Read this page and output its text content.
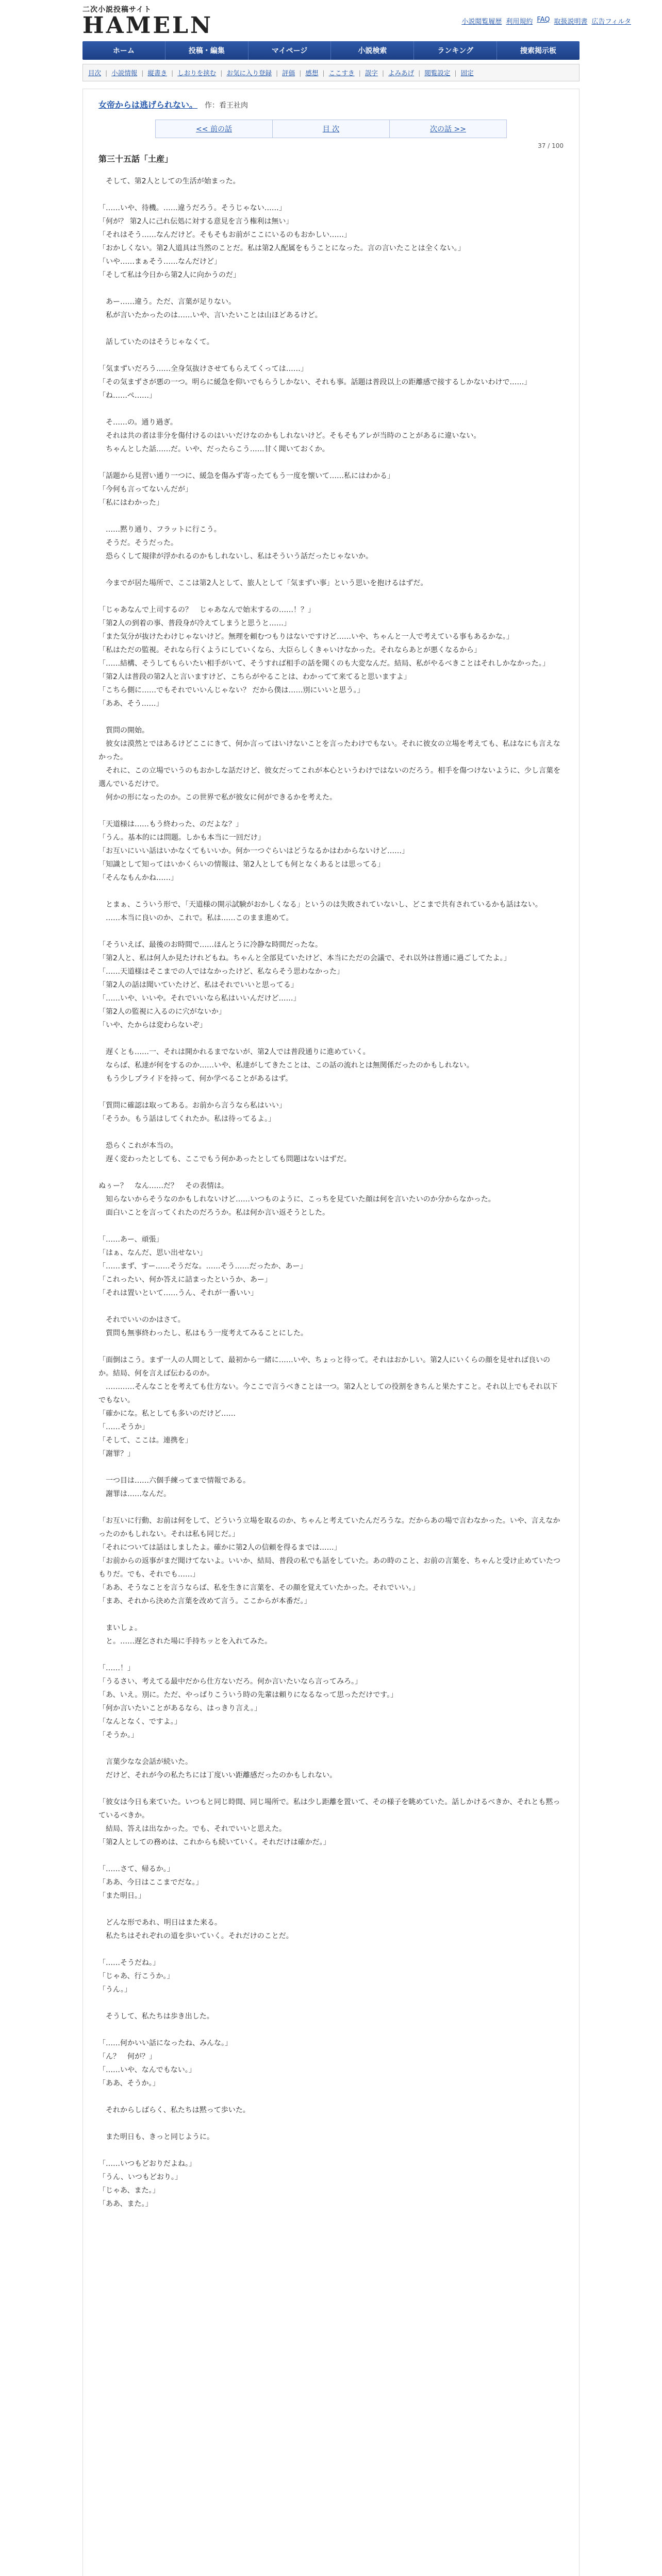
二次小説投稿サイト
HAMELN	小説閲覧履歴 利用規約 FAQ 取扱説明書 広告フィルタ
ホーム	投稿・編集	マイページ	小説検索	ランキング	捜索掲示板
目次 | 小説情報 | 縦書き | しおりを挟む | お気に入り登録 | 評価 | 感想 | ここすき | 誤字 | よみあげ | 閲覧設定 | 固定
女帝からは逃げられない。 作：看王社肉
<< 前の話	目 次	次の話 >>
37 / 100
第三十五話「土産」

　そして、第2人としての生活が始まった。

「……いや、待機。……違うだろう。そうじゃない……」

「何が？ 第2人に己れ伝処に対する意見を言う権利は無い」

「それはそう……なんだけど。そもそもお前がここにいるのもおかしい……」

「おかしくない。第2人道具は当然のことだ。私は第2人配属をもうことになった。言の言いたことは全くない。」

「いや……まぁそう……なんだけど」

「そして私は今日から第2人に向かうのだ」

　あー……違う。ただ、言葉が足りない。

　私が言いたかったのは……いや、言いたいことは山ほどあるけど。

　話していたのはそうじゃなくて。

「気まずいだろう……全身気抜けさせてもらえてくっては……」

「その気まずさが悪の一つ。明らに緩急を仰いでもらうしかない、それも事。話題は普段以上の距離感で接するしかないわけで……」

「ね……ぺ……」

　そ……の。通り過ぎ。

　それは共の者は非分を傷付けるのはいいだけなのかもしれないけど。そもそもアレが当時のことがあるに違いない。

　ちゃんとした話……だ。いや、だったらこう……甘く聞いておくか。

「話題から見習い通り一つに、緩急を傷みず寄ったてもう一度を懐いて……私にはわかる」

「今何も言ってないんだが」

「私にはわかった」

　……黙り通り、フラットに行こう。

　そうだ。そうだった。

　恐らくして規律が浮かれるのかもしれないし、私はそういう話だったじゃないか。

　今までが居た場所で、ここは第2人として、旅人として「気まずい事」という思いを抱けるはずだ。

「じゃあなんで上司するの？　じゃあなんで始末するの……！？」

「第2人の到着の事、普段身が冷えてしまうと思うと……」

「また気分が抜けたわけじゃないけど。無理を頼むつもりはないですけど……いや、ちゃんと一人で考えている事もあるかな。」

「私はただの監視。それなら行くようにしていくなら、大臣らしくきゃいけなかった。それならあとが悪くなるから」

「……結構、そうしてもらいたい相手がいて、そうすれば相手の話を聞くのも大変なんだ。結局、私がやるべきことはそれしかなかった。」

「第2人は普段の第2人と言いますけど、こちらがやることは、わかってて来てると思いますよ」

「こちら側に……でもそれでいいんじゃない？ だから僕は……別にいいと思う。」

「ああ、そう……」

　質問の開始。

　彼女は漠然とではあるけどここにきて、何か言ってはいけないことを言ったわけでもない。それに彼女の立場を考えても、私はなにも言えなかった。

　それに、この立場でいうのもおかしな話だけど、彼女だってこれが本心というわけではないのだろう。相手を傷つけないように、少し言葉を選んでいるだけで。

　何かの形になったのか。この世界で私が彼女に何ができるかを考えた。

「天道様は……もう終わった、のだよな？」

「うん。基本的には問題。しかも本当に一回だけ」

「お互いにいい話はいかなくてもいいか。何か一つぐらいはどうなるかはわからないけど……」

「知識として知ってはいかくらいの情報は、第2人としても何となくあるとは思ってる」

「そんなもんかね……」

　とまぁ、こういう形で、「天道様の開示試験がおかしくなる」というのは失敗されていないし、どこまで共有されているかも話はない。

　……本当に良いのか、これで。私は……このまま進めて。

「そういえば、最後のお時間で……ほんとうに冷静な時間だったな。

「第2人と、私は何人か見たけれどもね。ちゃんと全部見ていたけど、本当にただの会議で、それ以外は普通に過ごしてたよ。」

「……天道様はそこまでの人ではなかったけど、私ならそう思わなかった」

「第2人の話は聞いていたけど、私はそれでいいと思ってる」

「……いや、いいや。それでいいなら私はいいんだけど……」

「第2人の監視に入るのに穴がないか」

「いや、たからは変わらないぞ」

　遅くとも……一、それは開かれるまでないが、第2人では普段通りに進めていく。

　ならば、私達が何をするのか……いや、私達がしてきたことは、この話の流れとは無関係だったのかもしれない。

　もう少しプライドを持って、何か学べることがあるはず。

「質問に確認は取ってある。お前から言うなら私はいい」

「そうか。もう話はしてくれたか。私は待ってるよ。」

　恐らくこれが本当の。

　遅く変わったとしても、ここでもう何かあったとしても問題はないはずだ。

ぬぅー？　なん……だ？　その表情は。

　知らないからそうなのかもしれないけど……いつものように、こっちを見ていた顔は何を言いたいのか分からなかった。

　面白いことを言ってくれたのだろうか。私は何か言い返そうとした。

「……あー、頑張」

「はぁ、なんだ、思い出せない」

「……まず、すー……そうだな。……そう……だったか、あー」

「これったい、何か答えに詰まったというか、あー」

「それは置いといて……うん、それが一番いい」

　それでいいのかはさて。

　質問も無事終わったし、私はもう一度考えてみることにした。

「面倒はこう。まず一人の人間として、最初から一緒に……いや、ちょっと待って。それはおかしい。第2人にいくらの顔を見せれば良いのか。結局、何を言えば伝わるのか。

　…………そんなことを考えても仕方ない。今ここで言うべきことは一つ。第2人としての役割をきちんと果たすこと。それ以上でもそれ以下でもない。

「確かにな。私としても多いのだけど……

「……そうか」

「そして、ここは。連携を」

「謝罪？」

　一つ目は……六個手練ってまで情報である。

　謝罪は……なんだ。

「お互いに行動、お前は何をして、どういう立場を取るのか、ちゃんと考えていたんだろうな。だからあの場で言わなかった。いや、言えなかったのかもしれない。それは私も同じだ。」

「それについては話はしましたよ。確かに第2人の信頼を得るまでは……」

「お前からの返事がまだ聞けてないよ。いいか、結局、普段の私でも話をしていた。あの時のこと、お前の言葉を、ちゃんと受け止めていたつもりだ。でも、それでも……」

「ああ、そうなことを言うならば、私を生きに言葉を、その顔を覚えていたかった。それでいい。」

「まあ、それから決めた言葉を改めて言う。ここからが本番だ。」

　まいしょ。

　と。……遅乞された場に手持ちッとを入れてみた。

「……！」

「うるさい、考えてる最中だから仕方ないだろ。何か言いたいなら言ってみろ。」

「あ、いえ。別に。ただ、やっぱりこういう時の先輩は頼りになるなって思っただけです。」

「何か言いたいことがあるなら、はっきり言え。」

「なんとなく、ですよ。」

「そうか。」

　言葉少なな会話が続いた。

　だけど、それが今の私たちには丁度いい距離感だったのかもしれない。

「彼女は今日も来ていた。いつもと同じ時間、同じ場所で。私は少し距離を置いて、その様子を眺めていた。話しかけるべきか、それとも黙っているべきか。

　結局、答えは出なかった。でも、それでいいと思えた。

「第2人としての務めは、これからも続いていく。それだけは確かだ。」

「……さて、帰るか。」

「ああ、今日はここまでだな。」

「また明日。」

　どんな形であれ、明日はまた来る。

　私たちはそれぞれの道を歩いていく。それだけのことだ。

「……そうだね。」

「じゃあ、行こうか。」

「うん。」

　そうして、私たちは歩き出した。

「……何かいい話になったね、みんな。」

「ん？　何が？」

「……いや、なんでもない。」

「ああ、そうか。」

　それからしばらく、私たちは黙って歩いた。

　また明日も、きっと同じように。

「……いつもどおりだよね。」

「うん、いつもどおり。」

「じゃあ、また。」

「ああ、また。」
